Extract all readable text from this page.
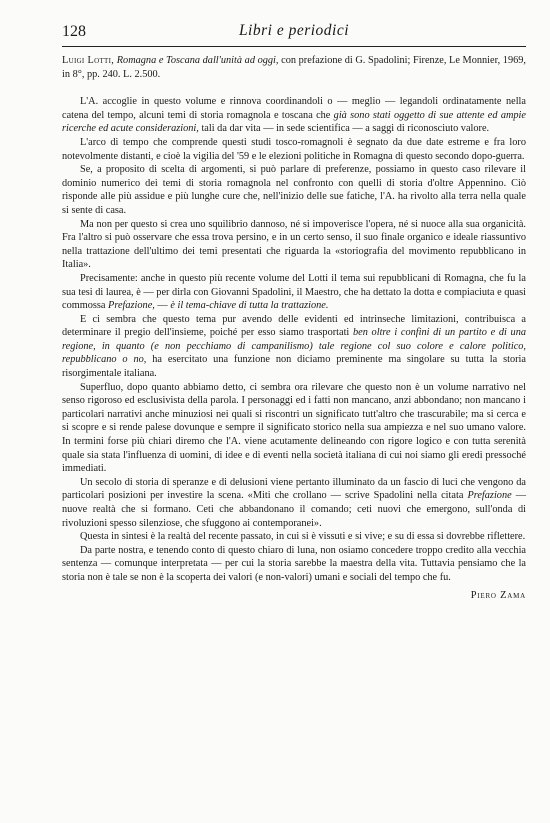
128	Libri e periodici

Luigi Lotti, Romagna e Toscana dall'unità ad oggi, con prefazione di G. Spadolini; Firenze, Le Monnier, 1969, in 8°, pp. 240. L. 2.500.

L'A. accoglie in questo volume e rinnova coordinandoli o — meglio — legandoli ordinatamente nella catena del tempo, alcuni temi di storia romagnola e toscana che già sono stati oggetto di sue attente ed ampie ricerche ed acute considerazioni, tali da dar vita — in sede scientifica — a saggi di riconosciuto valore.

L'arco di tempo che comprende questi studi tosco-romagnoli è segnato da due date estreme e fra loro notevolmente distanti, e cioè la vigilia del '59 e le elezioni politiche in Romagna di questo secondo dopo-guerra.

Se, a proposito di scelta di argomenti, si può parlare di preferenze, possiamo in questo caso rilevare il dominio numerico dei temi di storia romagnola nel confronto con quelli di storia d'oltre Appennino. Ciò risponde alle più assidue e più lunghe cure che, nell'inizio delle sue fatiche, l'A. ha rivolto alla terra nella quale si sente di casa.

Ma non per questo si crea uno squilibrio dannoso, né si impoverisce l'opera, né si nuoce alla sua organicità. Fra l'altro si può osservare che essa trova persino, e in un certo senso, il suo finale organico e ideale riassuntivo nella trattazione dell'ultimo dei temi presentati che riguarda la «storiografia del movimento repubblicano in Italia».

Precisamente: anche in questo più recente volume del Lotti il tema sui repubblicani di Romagna, che fu la sua tesi di laurea, è — per dirla con Giovanni Spadolini, il Maestro, che ha dettato la dotta e compiaciuta e quasi commossa Prefazione, — è il tema-chiave di tutta la trattazione.

E ci sembra che questo tema pur avendo delle evidenti ed intrinseche limitazioni, contribuisca a determinare il pregio dell'insieme, poiché per esso siamo trasportati ben oltre i confini di un partito e di una regione, in quanto (e non pecchiamo di campanilismo) tale regione col suo colore e calore politico, repubblicano o no, ha esercitato una funzione non diciamo preminente ma singolare su tutta la storia risorgimentale italiana.

Superfluo, dopo quanto abbiamo detto, ci sembra ora rilevare che questo non è un volume narrativo nel senso rigoroso ed esclusivista della parola. I personaggi ed i fatti non mancano, anzi abbondano; non mancano i particolari narrativi anche minuziosi nei quali si riscontri un significato tutt'altro che trascurabile; ma si cerca e si scopre e si rende palese dovunque e sempre il significato storico nella sua ampiezza e nel suo umano valore. In termini forse più chiari diremo che l'A. viene acutamente delineando con rigore logico e con tutta serenità quale sia stata l'influenza di uomini, di idee e di eventi nella società italiana di cui noi siamo gli eredi pressoché immediati.

Un secolo di storia di speranze e di delusioni viene pertanto illuminato da un fascio di luci che vengono da particolari posizioni per investire la scena. «Miti che crollano — scrive Spadolini nella citata Prefazione — nuove realtà che si formano. Ceti che abbandonano il comando; ceti nuovi che emergono, sull'onda di rivoluzioni spesso silenziose, che sfuggono ai contemporanei».

Questa in sintesi è la realtà del recente passato, in cui si è vissuti e si vive; e su di essa si dovrebbe riflettere.

Da parte nostra, e tenendo conto di questo chiaro di luna, non osiamo concedere troppo credito alla vecchia sentenza — comunque interpretata — per cui la storia sarebbe la maestra della vita. Tuttavia pensiamo che la storia non è tale se non è la scoperta dei valori (e non-valori) umani e sociali del tempo che fu.

Piero Zama
